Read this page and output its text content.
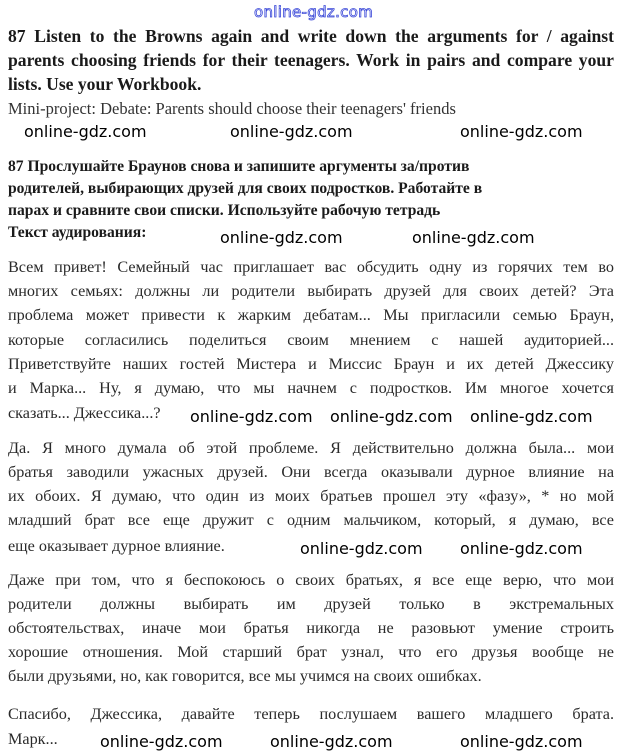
online-gdz.com
87 Listen to the Browns again and write down the arguments for / against
parents choosing friends for their teenagers. Work in pairs and compare your
lists. Use your Workbook.
Mini-project: Debate: Parents should choose their teenagers' friends
87 Прослушайте Браунов снова и запишите аргументы за/против
родителей, выбирающих друзей для своих подростков. Работайте в
парах и сравните свои списки. Используйте рабочую тетрадь
Текст аудирования:
Всем привет! Семейный час приглашает вас обсудить одну из горячих тем во
многих семьях: должны ли родители выбирать друзей для своих детей? Эта
проблема может привести к жарким дебатам... Мы пригласили семью Браун,
которые согласились поделиться своим мнением с нашей аудиторией...
Приветствуйте наших гостей Мистера и Миссис Браун и их детей Джессику
и Марка... Ну, я думаю, что мы начнем с подростков. Им многое хочется
сказать... Джессика...?
Да. Я много думала об этой проблеме. Я действительно должна была... мои
братья заводили ужасных друзей. Они всегда оказывали дурное влияние на
их обоих. Я думаю, что один из моих братьев прошел эту «фазу», * но мой
младший брат все еще дружит с одним мальчиком, который, я думаю, все
еще оказывает дурное влияние.
Даже при том, что я беспокоюсь о своих братьях, я все еще верю, что мои
родители должны выбирать им друзей только в экстремальных
обстоятельствах, иначе мои братья никогда не разовьют умение строить
хорошие отношения. Мой старший брат узнал, что его друзья вообще не
были друзьями, но, как говорится, все мы учимся на своих ошибках.
Спасибо, Джессика, давайте теперь послушаем вашего младшего брата.
Марк...
online-gdz.com	online-gdz.com	online-gdz.com
online-gdz.com	online-gdz.com
online-gdz.com online-gdz.com online-gdz.com
online-gdz.com online-gdz.com
online-gdz.com	online-gdz.com	online-gdz.com
